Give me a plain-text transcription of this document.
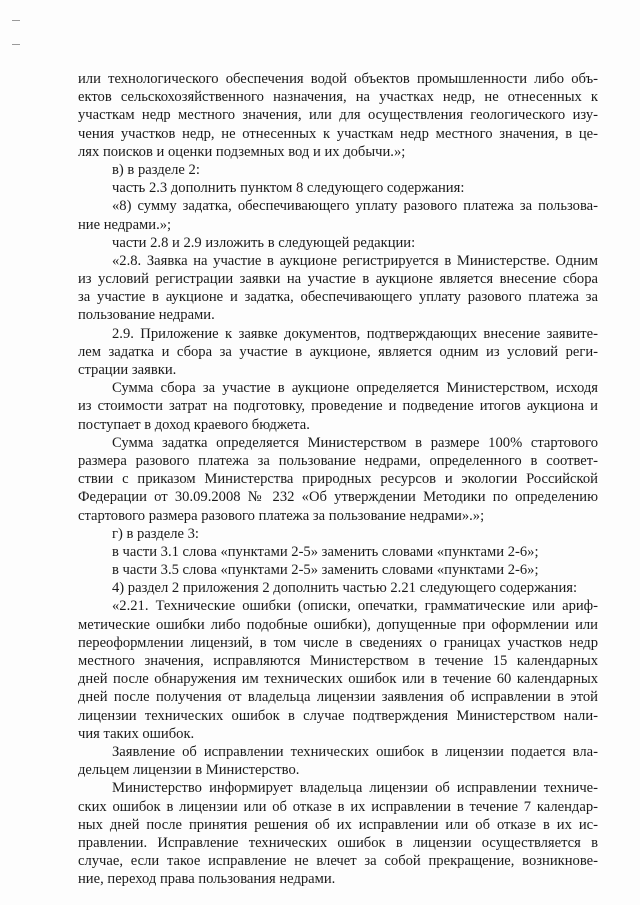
или технологического обеспечения водой объектов промышленности либо объ-
ектов сельскохозяйственного назначения, на участках недр, не отнесенных к
участкам недр местного значения, или для осуществления геологического изу-
чения участков недр, не отнесенных к участкам недр местного значения, в це-
лях поисков и оценки подземных вод и их добычи.»;
в) в разделе 2:
часть 2.3 дополнить пунктом 8 следующего содержания:
«8) сумму задатка, обеспечивающего уплату разового платежа за пользова-
ние недрами.»;
части 2.8 и 2.9 изложить в следующей редакции:
«2.8. Заявка на участие в аукционе регистрируется в Министерстве. Одним
из условий регистрации заявки на участие в аукционе является внесение сбора
за участие в аукционе и задатка, обеспечивающего уплату разового платежа за
пользование недрами.
2.9. Приложение к заявке документов, подтверждающих внесение заявите-
лем задатка и сбора за участие в аукционе, является одним из условий реги-
страции заявки.
Сумма сбора за участие в аукционе определяется Министерством, исходя
из стоимости затрат на подготовку, проведение и подведение итогов аукциона и
поступает в доход краевого бюджета.
Сумма задатка определяется Министерством в размере 100% стартового
размера разового платежа за пользование недрами, определенного в соответ-
ствии с приказом Министерства природных ресурсов и экологии Российской
Федерации от 30.09.2008 № 232 «Об утверждении Методики по определению
стартового размера разового платежа за пользование недрами».»;
г) в разделе 3:
в части 3.1 слова «пунктами 2-5» заменить словами «пунктами 2-6»;
в части 3.5 слова «пунктами 2-5» заменить словами «пунктами 2-6»;
4) раздел 2 приложения 2 дополнить частью 2.21 следующего содержания:
«2.21. Технические ошибки (описки, опечатки, грамматические или ариф-
метические ошибки либо подобные ошибки), допущенные при оформлении или
переоформлении лицензий, в том числе в сведениях о границах участков недр
местного значения, исправляются Министерством в течение 15 календарных
дней после обнаружения им технических ошибок или в течение 60 календарных
дней после получения от владельца лицензии заявления об исправлении в этой
лицензии технических ошибок в случае подтверждения Министерством нали-
чия таких ошибок.
Заявление об исправлении технических ошибок в лицензии подается вла-
дельцем лицензии в Министерство.
Министерство информирует владельца лицензии об исправлении техниче-
ских ошибок в лицензии или об отказе в их исправлении в течение 7 календар-
ных дней после принятия решения об их исправлении или об отказе в их ис-
правлении. Исправление технических ошибок в лицензии осуществляется в
случае, если такое исправление не влечет за собой прекращение, возникнове-
ние, переход права пользования недрами.
